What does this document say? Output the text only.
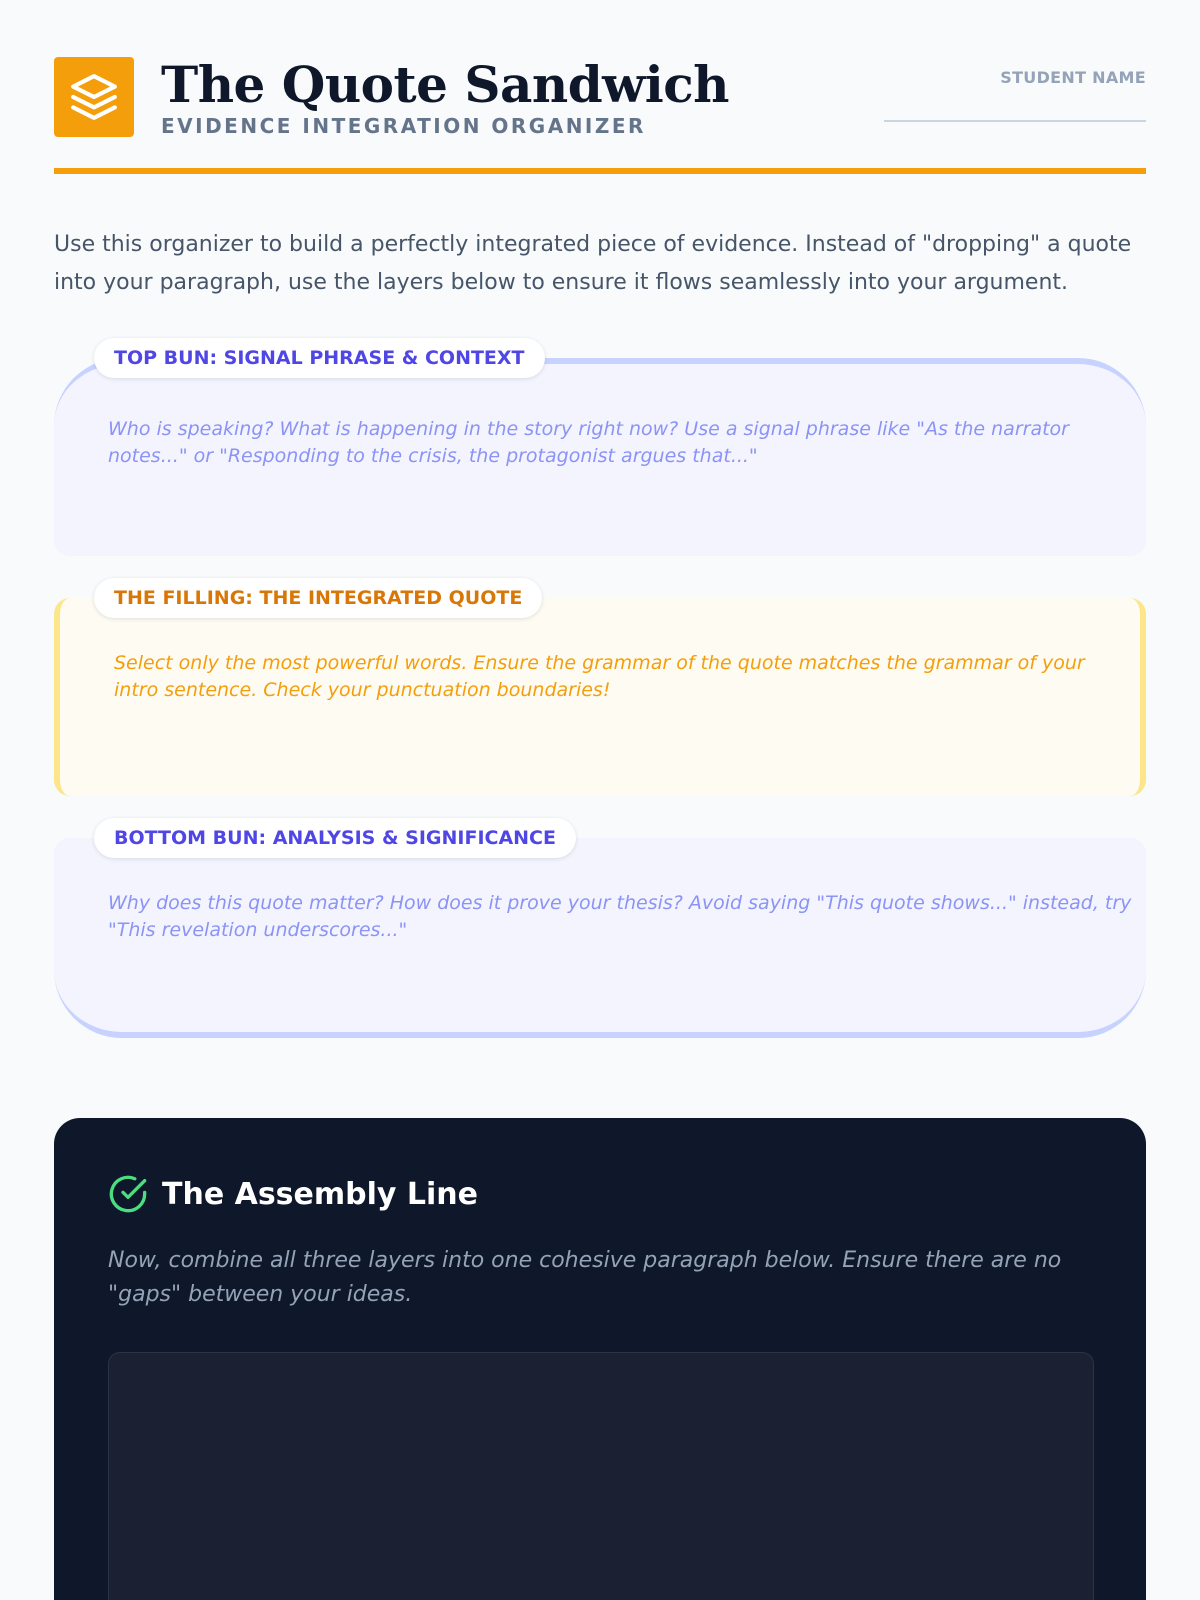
The Quote Sandwich
EVIDENCE INTEGRATION ORGANIZER
STUDENT NAME

Use this organizer to build a perfectly integrated piece of evidence. Instead of "dropping" a quote into your paragraph, use the layers below to ensure it flows seamlessly into your argument.

TOP BUN: SIGNAL PHRASE & CONTEXT
Who is speaking? What is happening in the story right now? Use a signal phrase like "As the narrator notes..." or "Responding to the crisis, the protagonist argues that..."
THE FILLING: THE INTEGRATED QUOTE
Select only the most powerful words. Ensure the grammar of the quote matches the grammar of your intro sentence. Check your punctuation boundaries!
BOTTOM BUN: ANALYSIS & SIGNIFICANCE
Why does this quote matter? How does it prove your thesis? Avoid saying "This quote shows..." instead, try "This revelation underscores..."
The Assembly Line

Now, combine all three layers into one cohesive paragraph below. Ensure there are no "gaps" between your ideas.
